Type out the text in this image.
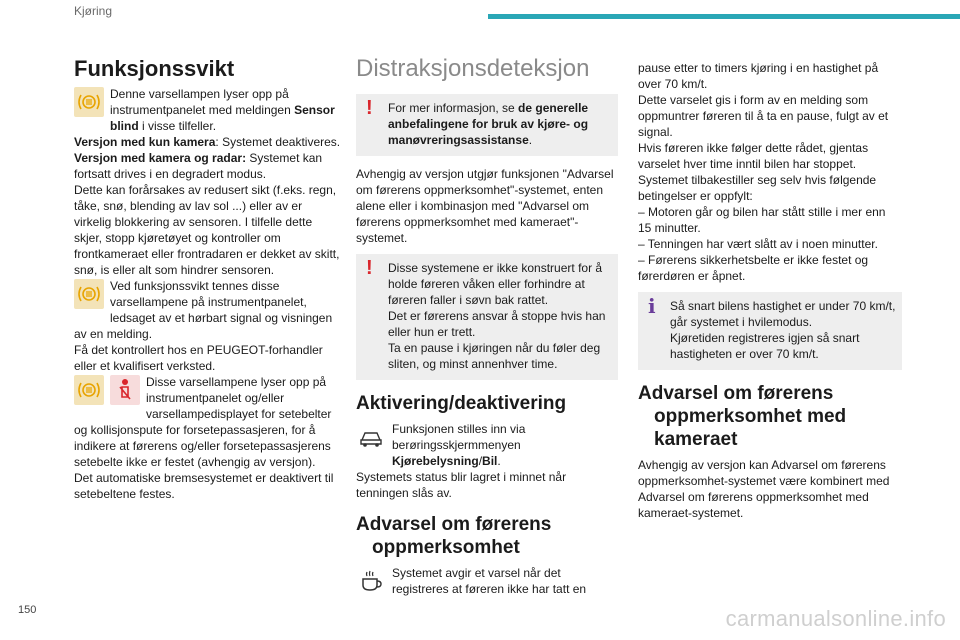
Kjøring
Funksjonssvikt

Denne varsellampen lyser opp på instrumentpanelet med meldingen Sensor blind i visse tilfeller.

Versjon med kun kamera: Systemet deaktiveres.

Versjon med kamera og radar: Systemet kan fortsatt drives i en degradert modus.

Dette kan forårsakes av redusert sikt (f.eks. regn, tåke, snø, blending av lav sol ...) eller av er virkelig blokkering av sensoren. I tilfelle dette skjer, stopp kjøretøyet og kontroller om frontkameraet eller frontradaren er dekket av skitt, snø, is eller alt som hindrer sensoren.

Ved funksjonssvikt tennes disse varsellampene på instrumentpanelet, ledsaget av et hørbart signal og visningen av en melding.

Få det kontrollert hos en PEUGEOT-forhandler eller et kvalifisert verksted.

Disse varsellampene lyser opp på instrumentpanelet og/eller varsellampedisplayet for setebelter og kollisjonspute for forsetepassasjeren, for å indikere at førerens og/eller forsetepassasjerens setebelte ikke er festet (avhengig av versjon).

Det automatiske bremsesystemet er deaktivert til setebeltene festes.

Distraksjonsdeteksjon
! For mer informasjon, se de generelle anbefalingene for bruk av kjøre- og manøvreringsassistanse.

Avhengig av versjon utgjør funksjonen "Advarsel om førerens oppmerksomhet"-systemet, enten alene eller i kombinasjon med "Advarsel om førerens oppmerksomhet med kameraet"-systemet.

! Disse systemene er ikke konstruert for å holde føreren våken eller forhindre at føreren faller i søvn bak rattet.

Det er førerens ansvar å stoppe hvis han eller hun er trett.

Ta en pause i kjøringen når du føler deg sliten, og minst annenhver time.

Aktivering/deaktivering

Funksjonen stilles inn via berøringsskjermmenyen Kjørebelysning/Bil.

Systemets status blir lagret i minnet når tenningen slås av.

Advarsel om førerens
oppmerksomhet

Systemet avgir et varsel når det registreres at føreren ikke har tatt en

pause etter to timers kjøring i en hastighet på over 70 km/t.

Dette varselet gis i form av en melding som oppmuntrer føreren til å ta en pause, fulgt av et signal.

Hvis føreren ikke følger dette rådet, gjentas varselet hver time inntil bilen har stoppet.

Systemet tilbakestiller seg selv hvis følgende betingelser er oppfylt:

– Motoren går og bilen har stått stille i mer enn 15 minutter.

– Tenningen har vært slått av i noen minutter.

– Førerens sikkerhetsbelte er ikke festet og førerdøren er åpnet.

i Så snart bilens hastighet er under 70 km/t, går systemet i hvilemodus.

Kjøretiden registreres igjen så snart hastigheten er over 70 km/t.

Advarsel om førerens
oppmerksomhet med
kameraet

Avhengig av versjon kan Advarsel om førerens oppmerksomhet-systemet være kombinert med Advarsel om førerens oppmerksomhet med kameraet-systemet.

150	carmanualsonline.info
